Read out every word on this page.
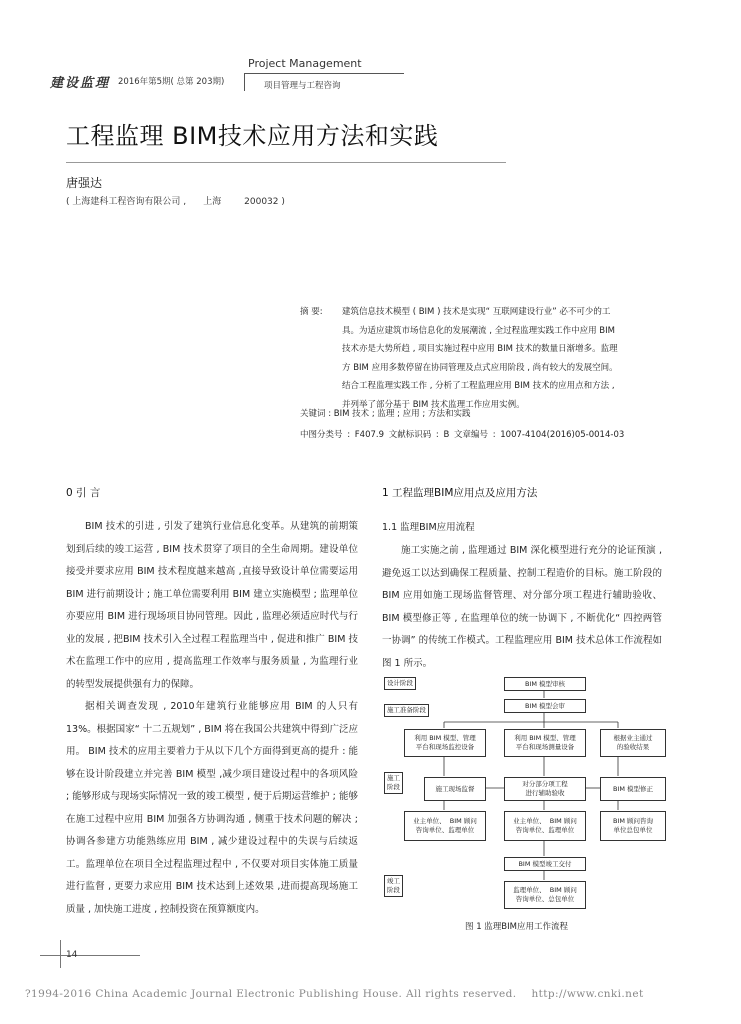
建设监理 2016年第5期( 总第 203期)
Project Management
项目管理与工程咨询
工程监理 BIM技术应用方法和实践
唐强达
( 上海建科工程咨询有限公司 ,      上海        200032 )
摘 要: 建筑信息技术模型 ( BIM ) 技术是实现“ 互联网建设行业” 必不可少的工
具。为适应建筑市场信息化的发展潮流 , 全过程监理实践工作中应用 BIM
技术亦是大势所趋 , 项目实施过程中应用 BIM 技术的数量日渐增多。监理
方 BIM 应用多数停留在协同管理及点式应用阶段 , 尚有较大的发展空间。
结合工程监理实践工作 , 分析了工程监理应用 BIM 技术的应用点和方法 ,
并列举了部分基于 BIM 技术监理工作应用实例。
关键词 : BIM 技术 ; 监理 ; 应用 ; 方法和实践
中图分类号 : F407.9 文献标识码 : B 文章编号 : 1007-4104(2016)05-0014-03
0 引 言

BIM 技术的引进 , 引发了建筑行业信息化变革。从建筑的前期策划到后续的竣工运营 , BIM 技术贯穿了项目的全生命周期。建设单位接受并要求应用 BIM 技术程度越来越高 ,直接导致设计单位需要运用 BIM 进行前期设计 ; 施工单位需要利用 BIM 建立实施模型 ; 监理单位亦要应用 BIM 进行现场项目协同管理。因此 , 监理必须适应时代与行业的发展 , 把BIM 技术引入全过程工程监理当中 , 促进和推广 BIM 技术在监理工作中的应用 , 提高监理工作效率与服务质量 , 为监理行业的转型发展提供强有力的保障。

据相关调查发现 , 2010年建筑行业能够应用 BIM 的人只有 13%。根据国家“ 十二五规划” , BIM 将在我国公共建筑中得到广泛应用。 BIM 技术的应用主要着力于从以下几个方面得到更高的提升 : 能够在设计阶段建立并完善 BIM 模型 ,减少项目建设过程中的各项风险 ; 能够形成与现场实际情况一致的竣工模型 , 便于后期运营维护 ; 能够在施工过程中应用 BIM 加强各方协调沟通 , 侧重于技术问题的解决 ; 协调各参建方功能熟练应用 BIM , 减少建设过程中的失误与后续返工。监理单位在项目全过程监理过程中 , 不仅要对项目实体施工质量进行监督 , 更要力求应用 BIM 技术达到上述效果 ,进而提高现场施工质量 , 加快施工进度 , 控制投资在预算额度内。

1 工程监理BIM应用点及应用方法
1.1 监理BIM应用流程

施工实施之前 , 监理通过 BIM 深化模型进行充分的论证预演 , 避免返工以达到确保工程质量、控制工程造价的目标。施工阶段的 BIM 应用如施工现场监督管理、对分部分项工程进行辅助验收、 BIM 模型修正等 , 在监理单位的统一协调下 , 不断优化“ 四控两管一协调” 的传统工作模式。工程监理应用 BIM 技术总体工作流程如图 1 所示。

设计阶段
施工准备阶段
施工
阶段
竣工
阶段
BIM 模型审核
BIM 模型会审
利用 BIM 模型、管理
平台和现场监控设备
利用 BIM 模型、管理
平台和现场测量设备
根据业主通过
的验收结果
施工现场监督
对分部分项工程
进行辅助验收
BIM 模型修正
业主单位、  BIM 顾问
咨询单位、监理单位
业主单位、  BIM 顾问
咨询单位、监理单位
BIM 顾问咨询
单位总包单位
BIM 模型竣工交付
监理单位、  BIM 顾问
咨询单位、总包单位
图 1 监理BIM应用工作流程
14
?1994-2016 China Academic Journal Electronic Publishing House. All rights reserved.    http://www.cnki.net
